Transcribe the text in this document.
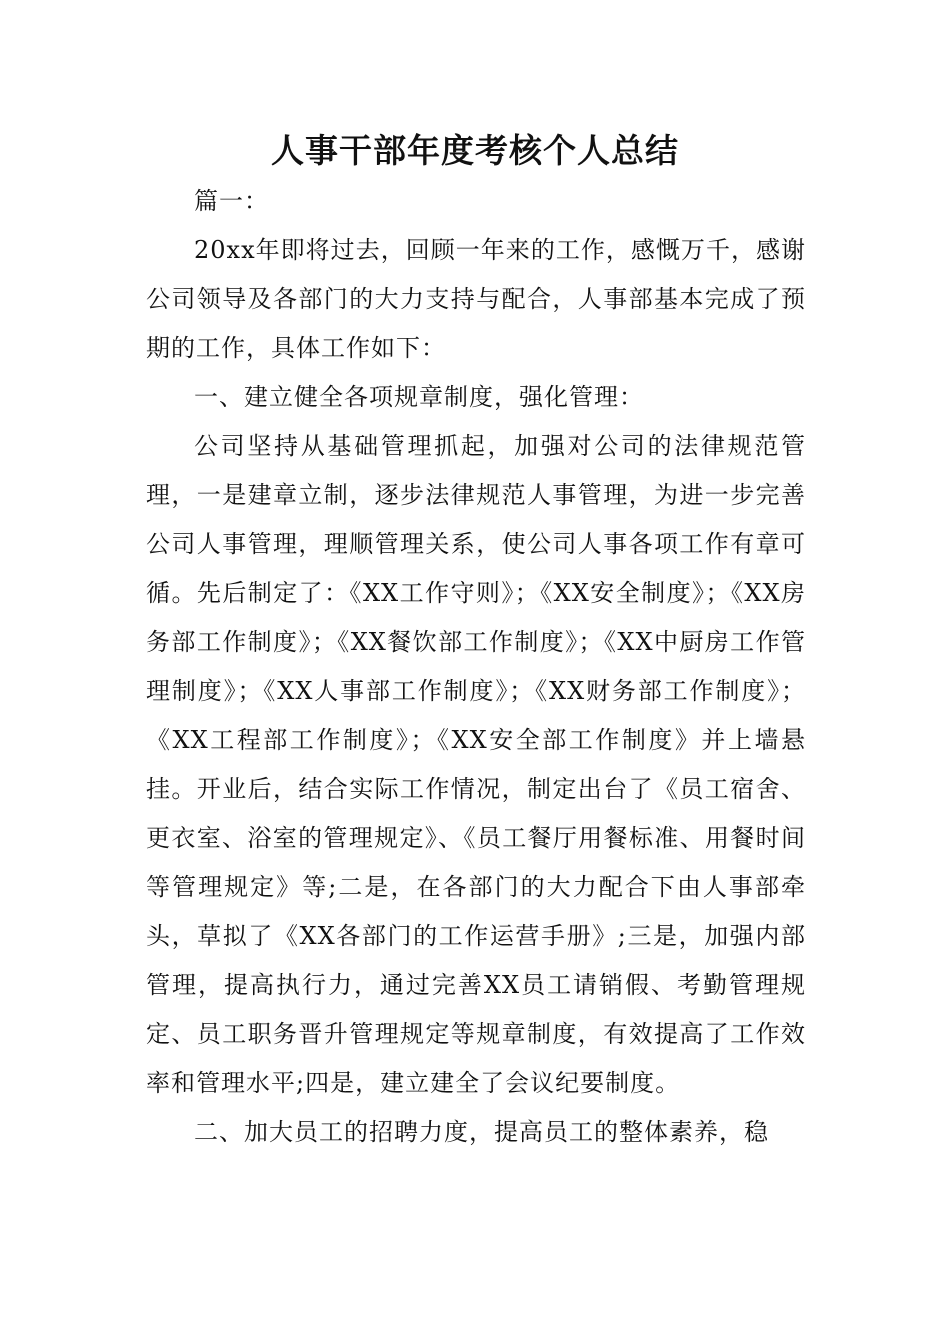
人事干部年度考核个人总结

篇一：

20xx年即将过去，回顾一年来的工作，感慨万千，感谢公司领导及各部门的大力支持与配合，人事部基本完成了预期的工作，具体工作如下：

一、建立健全各项规章制度，强化管理：

公司坚持从基础管理抓起，加强对公司的法律规范管理，一是建章立制，逐步法律规范人事管理，为进一步完善公司人事管理，理顺管理关系，使公司人事各项工作有章可循。先后制定了：《XX工作守则》；《XX安全制度》；《XX房务部工作制度》；《XX餐饮部工作制度》；《XX中厨房工作管理制度》；《XX人事部工作制度》；《XX财务部工作制度》；《XX工程部工作制度》；《XX安全部工作制度》并上墙悬挂。开业后，结合实际工作情况，制定出台了《员工宿舍、更衣室、浴室的管理规定》、《员工餐厅用餐标准、用餐时间等管理规定》等;二是，在各部门的大力配合下由人事部牵头，草拟了《XX各部门的工作运营手册》;三是，加强内部管理，提高执行力，通过完善XX员工请销假、考勤管理规定、员工职务晋升管理规定等规章制度，有效提高了工作效率和管理水平;四是，建立建全了会议纪要制度。

二、加大员工的招聘力度，提高员工的整体素养，稳
